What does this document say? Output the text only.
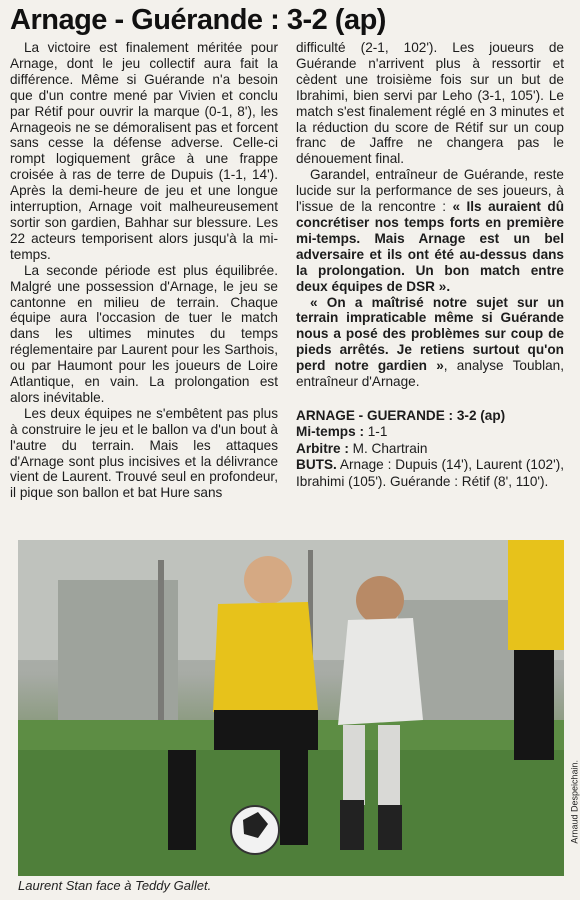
Arnage - Guérande : 3-2 (ap)

La victoire est finalement méritée pour Arnage, dont le jeu collectif aura fait la différence. Même si Guérande n'a besoin que d'un contre mené par Vivien et conclu par Rétif pour ouvrir la marque (0-1, 8'), les Arnageois ne se démoralisent pas et forcent sans cesse la défense adverse. Celle-ci rompt logiquement grâce à une frappe croisée à ras de terre de Dupuis (1-1, 14'). Après la demi-heure de jeu et une longue interruption, Arnage voit malheureusement sortir son gardien, Bahhar sur blessure. Les 22 acteurs temporisent alors jusqu'à la mi-temps.

La seconde période est plus équilibrée. Malgré une possession d'Arnage, le jeu se cantonne en milieu de terrain. Chaque équipe aura l'occasion de tuer le match dans les ultimes minutes du temps réglementaire par Laurent pour les Sarthois, ou par Haumont pour les joueurs de Loire Atlantique, en vain. La prolongation est alors inévitable.

Les deux équipes ne s'embêtent pas plus à construire le jeu et le ballon va d'un bout à l'autre du terrain. Mais les attaques d'Arnage sont plus incisives et la délivrance vient de Laurent. Trouvé seul en profondeur, il pique son ballon et bat Hure sans

difficulté (2-1, 102'). Les joueurs de Guérande n'arrivent plus à ressortir et cèdent une troisième fois sur un but de Ibrahimi, bien servi par Leho (3-1, 105'). Le match s'est finalement réglé en 3 minutes et la réduction du score de Rétif sur un coup franc de Jaffre ne changera pas le dénouement final.

Garandel, entraîneur de Guérande, reste lucide sur la performance de ses joueurs, à l'issue de la rencontre : « Ils auraient dû concrétiser nos temps forts en première mi-temps. Mais Arnage est un bel adversaire et ils ont été au-dessus dans la prolongation. Un bon match entre deux équipes de DSR ».

« On a maîtrisé notre sujet sur un terrain impraticable même si Guérande nous a posé des problèmes sur coup de pieds arrêtés. Je retiens surtout qu'on perd notre gardien », analyse Toublan, entraîneur d'Arnage.

ARNAGE - GUERANDE : 3-2 (ap)
Mi-temps : 1-1
Arbitre : M. Chartrain
BUTS. Arnage : Dupuis (14'), Laurent (102'), Ibrahimi (105'). Guérande : Rétif (8', 110').
Arnaud Despeichain.
Laurent Stan face à Teddy Gallet.
